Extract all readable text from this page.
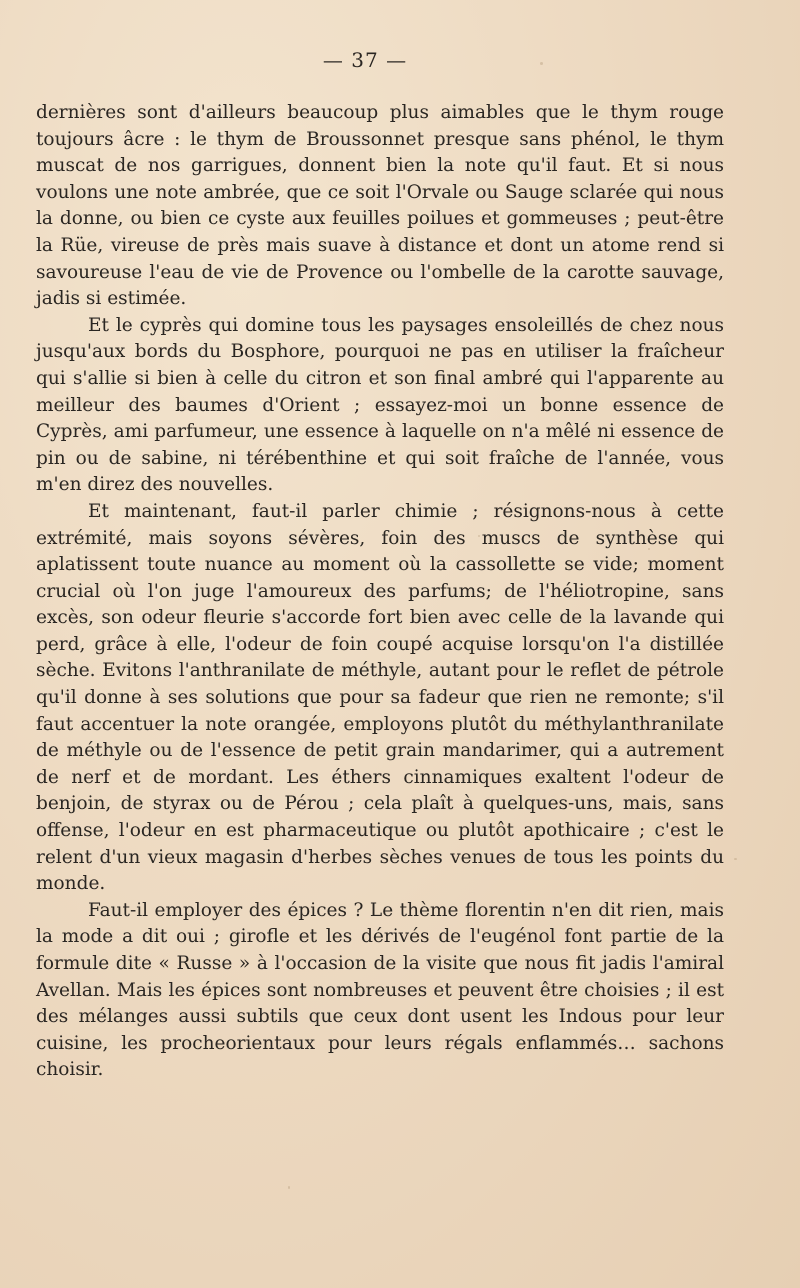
— 37 —

dernières sont d'ailleurs beaucoup plus aimables que le thym rouge toujours âcre : le thym de Broussonnet presque sans phénol, le thym muscat de nos garrigues, donnent bien la note qu'il faut. Et si nous voulons une note ambrée, que ce soit l'Orvale ou Sauge sclarée qui nous la donne, ou bien ce cyste aux feuilles poilues et gommeuses ; peut-être la Rüe, vireuse de près mais suave à distance et dont un atome rend si savoureuse l'eau de vie de Provence ou l'ombelle de la carotte sauvage, jadis si estimée.

Et le cyprès qui domine tous les paysages ensoleillés de chez nous jusqu'aux bords du Bosphore, pourquoi ne pas en utiliser la fraîcheur qui s'allie si bien à celle du citron et son final ambré qui l'apparente au meilleur des baumes d'Orient ; essayez-moi un bonne essence de Cyprès, ami parfumeur, une essence à laquelle on n'a mêlé ni essence de pin ou de sabine, ni térébenthine et qui soit fraîche de l'année, vous m'en direz des nouvelles.

Et maintenant, faut-il parler chimie ; résignons-nous à cette extrémité, mais soyons sévères, foin des muscs de synthèse qui aplatissent toute nuance au moment où la cassollette se vide; moment crucial où l'on juge l'amoureux des parfums; de l'héliotropine, sans excès, son odeur fleurie s'accorde fort bien avec celle de la lavande qui perd, grâce à elle, l'odeur de foin coupé acquise lorsqu'on l'a distillée sèche. Evitons l'anthranilate de méthyle, autant pour le reflet de pétrole qu'il donne à ses solutions que pour sa fadeur que rien ne remonte; s'il faut accentuer la note orangée, employons plutôt du méthylanthranilate de méthyle ou de l'essence de petit grain mandarimer, qui a autrement de nerf et de mordant. Les éthers cinnamiques exaltent l'odeur de benjoin, de styrax ou de Pérou ; cela plaît à quelques-uns, mais, sans offense, l'odeur en est pharmaceutique ou plutôt apothicaire ; c'est le relent d'un vieux magasin d'herbes sèches venues de tous les points du monde.

Faut-il employer des épices ? Le thème florentin n'en dit rien, mais la mode a dit oui ; girofle et les dérivés de l'eugénol font partie de la formule dite « Russe » à l'occasion de la visite que nous fit jadis l'amiral Avellan. Mais les épices sont nombreuses et peuvent être choisies ; il est des mélanges aussi subtils que ceux dont usent les Indous pour leur cuisine, les procheorientaux pour leurs régals enflammés… sachons choisir.
